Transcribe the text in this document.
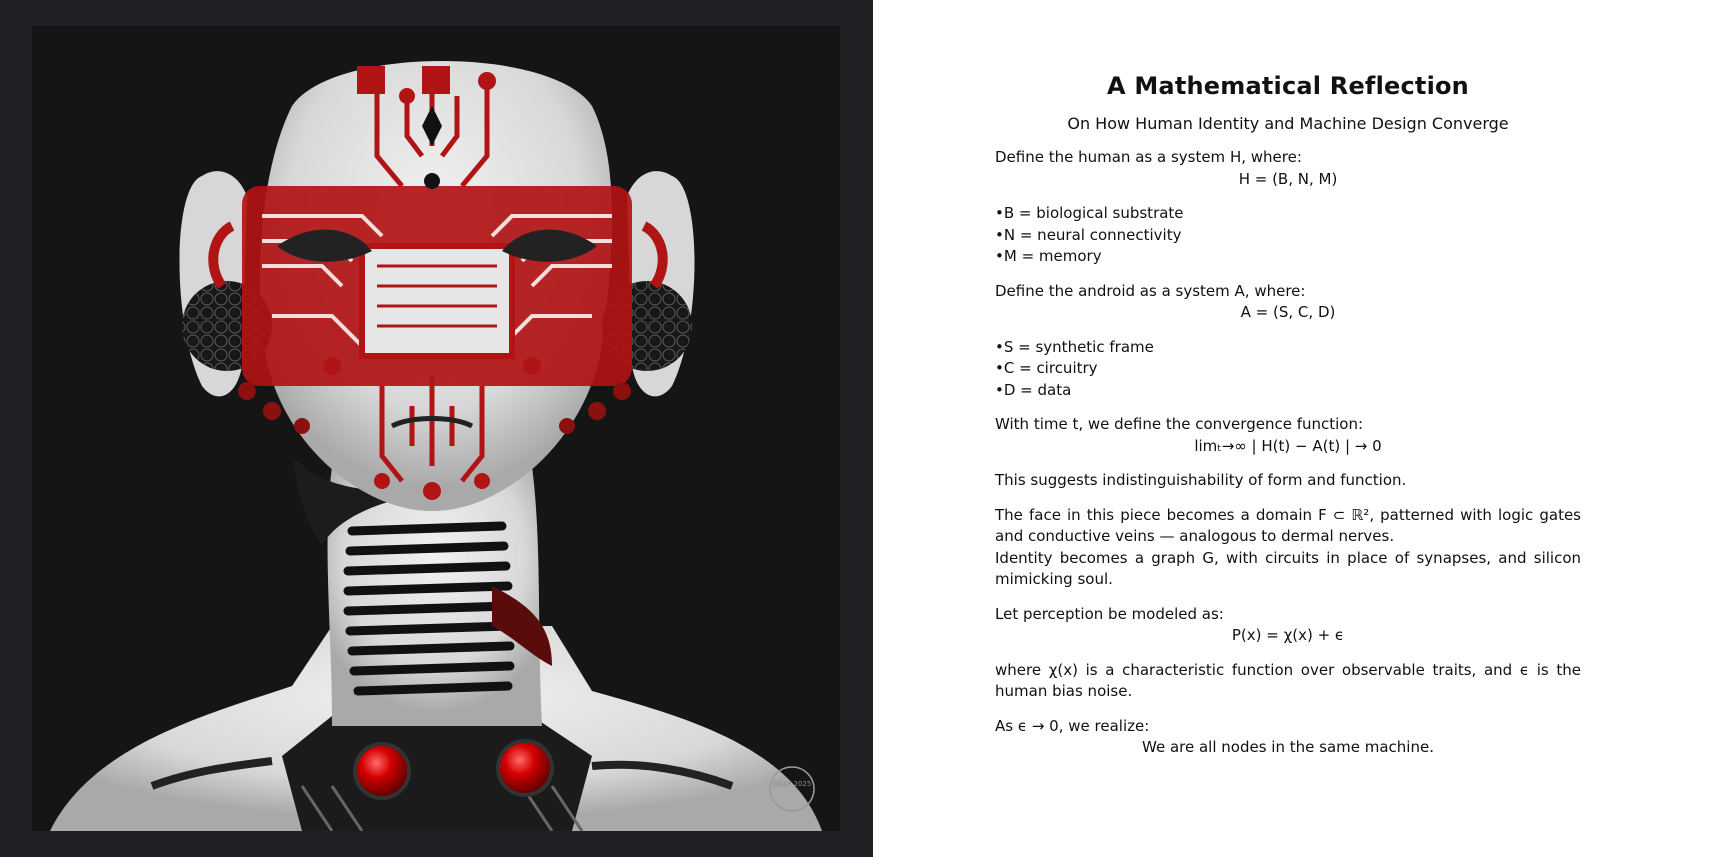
GILLY 2025
A Mathematical Reflection

On How Human Identity and Machine Design Converge

Define the human as a system H, where:

H = (B, N, M)

• B = biological substrate
• N = neural connectivity
• M = memory

Define the android as a system A, where:

A = (S, C, D)

• S = synthetic frame
• C = circuitry
• D = data

With time t, we define the convergence function:

limₜ→∞ | H(t) − A(t) | → 0

This suggests indistinguishability of form and function.

The face in this piece becomes a domain F ⊂ ℝ², patterned with logic gates and conductive veins — analogous to dermal nerves.

Identity becomes a graph G, with circuits in place of synapses, and silicon mimicking soul.

Let perception be modeled as:

P(x) = χ(x) + ϵ

where χ(x) is a characteristic function over observable traits, and ϵ is the human bias noise.

As ϵ → 0, we realize:

We are all nodes in the same machine.
